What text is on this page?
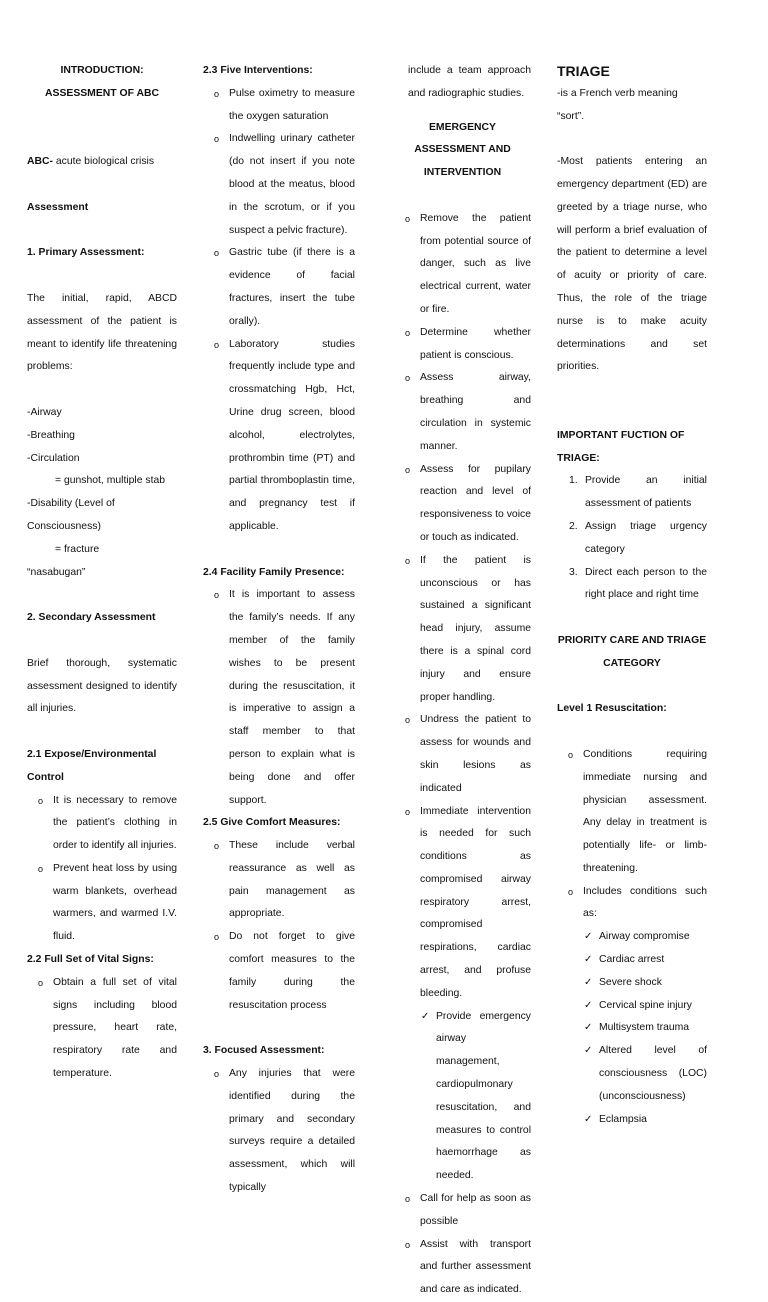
INTRODUCTION:
ASSESSMENT OF ABC
ABC- acute biological crisis
Assessment
1. Primary Assessment:
The initial, rapid, ABCD assessment of the patient is meant to identify life threatening problems:
-Airway
-Breathing
-Circulation
= gunshot, multiple stab
-Disability (Level of Consciousness)
= fracture
“nasabugan”
2. Secondary Assessment
Brief thorough, systematic assessment designed to identify all injuries.
2.1 Expose/Environmental Control
o It is necessary to remove the patient’s clothing in order to identify all injuries.
o Prevent heat loss by using warm blankets, overhead warmers, and warmed I.V. fluid.
2.2 Full Set of Vital Signs:
o Obtain a full set of vital signs including blood pressure, heart rate, respiratory rate and temperature.
2.3 Five Interventions:
o Pulse oximetry to measure the oxygen saturation
o Indwelling urinary catheter (do not insert if you note blood at the meatus, blood in the scrotum, or if you suspect a pelvic fracture).
o Gastric tube (if there is a evidence of facial fractures, insert the tube orally).
o Laboratory studies frequently include type and crossmatching Hgb, Hct, Urine drug screen, blood alcohol, electrolytes, prothrombin time (PT) and partial thromboplastin time, and pregnancy test if applicable.
2.4 Facility Family Presence:
o It is important to assess the family’s needs. If any member of the family wishes to be present during the resuscitation, it is imperative to assign a staff member to that person to explain what is being done and offer support.
2.5 Give Comfort Measures:
o These include verbal reassurance as well as pain management as appropriate.
o Do not forget to give comfort measures to the family during the resuscitation process
3. Focused Assessment:
o Any injuries that were identified during the primary and secondary surveys require a detailed assessment, which will typically
include a team approach and radiographic studies.
EMERGENCY ASSESSMENT AND
INTERVENTION
o Remove the patient from potential source of danger, such as live electrical current, water or fire.
o Determine whether patient is conscious.
o Assess airway, breathing and circulation in systemic manner.
o Assess for pupilary reaction and level of responsiveness to voice or touch as indicated.
o If the patient is unconscious or has sustained a significant head injury, assume there is a spinal cord injury and ensure proper handling.
o Undress the patient to assess for wounds and skin lesions as indicated
o Immediate intervention is needed for such conditions as compromised airway respiratory arrest, compromised respirations, cardiac arrest, and profuse bleeding.
✓ Provide emergency airway management, cardiopulmonary resuscitation, and measures to control haemorrhage as needed.
o Call for help as soon as possible
o Assist with transport and further assessment and care as indicated.
TRIAGE
-is a French verb meaning “sort”.
-Most patients entering an emergency department (ED) are greeted by a triage nurse, who will perform a brief evaluation of the patient to determine a level of acuity or priority of care. Thus, the role of the triage nurse is to make acuity determinations and set priorities.
IMPORTANT FUCTION OF TRIAGE:
1. Provide an initial assessment of patients
2. Assign triage urgency category
3. Direct each person to the right place and right time
PRIORITY CARE AND TRIAGE
CATEGORY
Level 1 Resuscitation:
o Conditions requiring immediate nursing and physician assessment. Any delay in treatment is potentially life- or limb-threatening.
o Includes conditions such as:
✓ Airway compromise
✓ Cardiac arrest
✓ Severe shock
✓ Cervical spine injury
✓ Multisystem trauma
✓ Altered level of consciousness (LOC) (unconsciousness)
✓ Eclampsia
